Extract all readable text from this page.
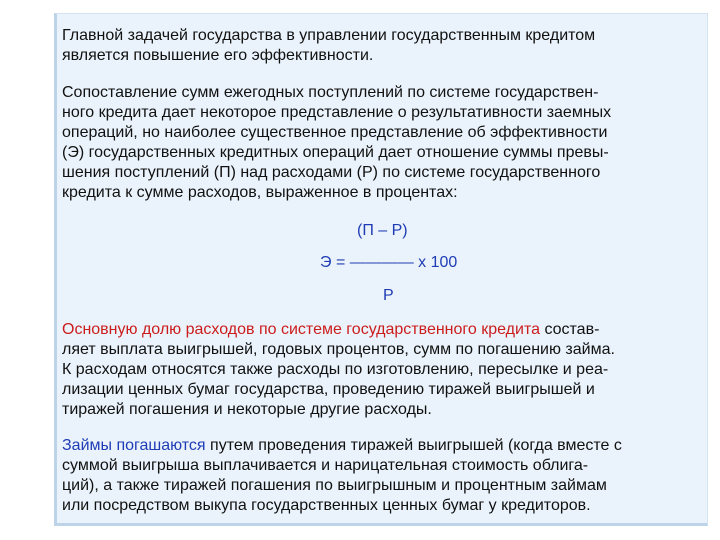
Главной задачей государства в управлении государственным кредитом
является повышение его эффективности.
Сопоставление сумм ежегодных поступлений по системе государствен-
ного кредита дает некоторое представление о результативности заемных
операций, но наиболее существенное представление об эффективности
(Э) государственных кредитных операций дает отношение суммы превы-
шения поступлений (П) над расходами (Р) по системе государственного
кредита к сумме расходов, выраженное в процентах:
(П – Р)
Э = ———— х 100
Р
Основную долю расходов по системе государственного кредита состав-
ляет выплата выигрышей, годовых процентов, сумм по погашению займа.
К расходам относятся также расходы по изготовлению, пересылке и реа-
лизации ценных бумаг государства, проведению тиражей выигрышей и
тиражей погашения и некоторые другие расходы.
Займы погашаются путем проведения тиражей выигрышей (когда вместе с
суммой выигрыша выплачивается и нарицательная стоимость облига-
ций), а также тиражей погашения по выигрышным и процентным займам
или посредством выкупа государственных ценных бумаг у кредиторов.
